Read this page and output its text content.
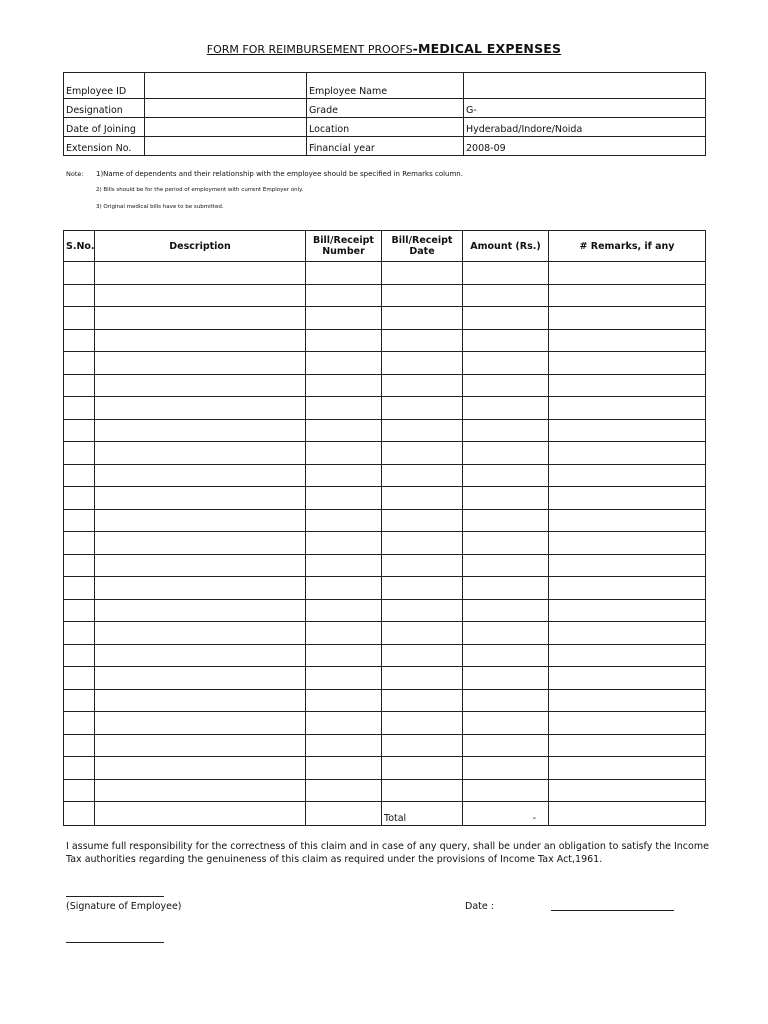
FORM FOR REIMBURSEMENT PROOFS-MEDICAL EXPENSES
Employee ID		Employee Name	
Designation		Grade	G-
Date of Joining		Location	Hyderabad/Indore/Noida
Extension No.		Financial year	2008-09
Note: 1)Name of dependents and their relationship with the employee should be specified in Remarks column.
2) Bills should be for the period of employment with current Employer only.
3) Original medical bills have to be submitted.
S.No.	Description	Bill/Receipt Number	Bill/Receipt Date	Amount (Rs.)	# Remarks, if any

			Total	-	
I assume full responsibility for the correctness of this claim and in case of any query, shall be under an obligation to satisfy the Income Tax authorities regarding the genuineness of this claim as required under the provisions of Income Tax Act,1961.
(Signature of Employee)	Date :
